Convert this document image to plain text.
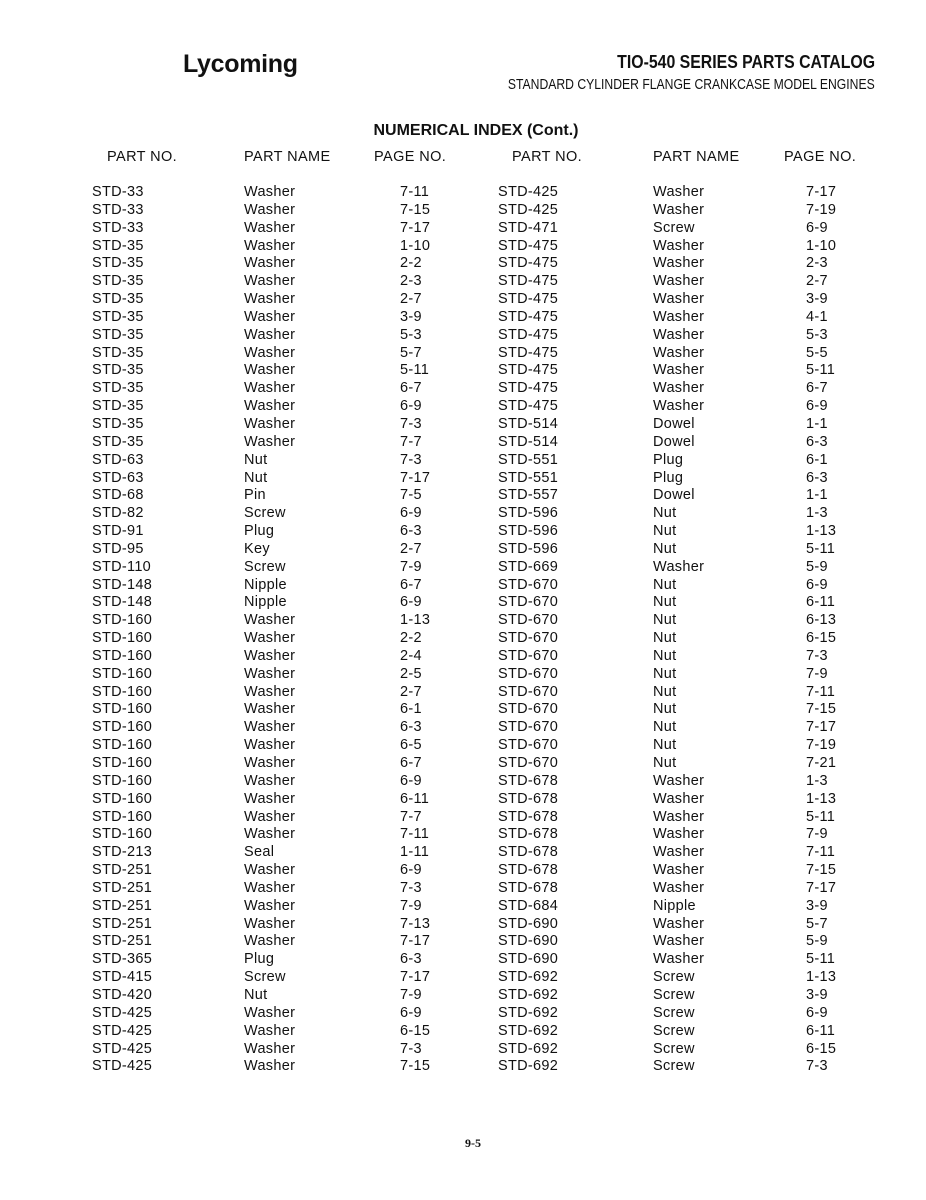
Lycoming	TIO-540 SERIES PARTS CATALOG
STANDARD CYLINDER FLANGE CRANKCASE MODEL ENGINES
NUMERICAL INDEX (Cont.)
PART NO.	PART NAME	PAGE NO.	PART NO.	PART NAME	PAGE NO.
STD-33	Washer	7-11	STD-425	Washer	7-17
STD-33	Washer	7-15	STD-425	Washer	7-19
STD-33	Washer	7-17	STD-471	Screw	6-9
STD-35	Washer	1-10	STD-475	Washer	1-10
STD-35	Washer	2-2	STD-475	Washer	2-3
STD-35	Washer	2-3	STD-475	Washer	2-7
STD-35	Washer	2-7	STD-475	Washer	3-9
STD-35	Washer	3-9	STD-475	Washer	4-1
STD-35	Washer	5-3	STD-475	Washer	5-3
STD-35	Washer	5-7	STD-475	Washer	5-5
STD-35	Washer	5-11	STD-475	Washer	5-11
STD-35	Washer	6-7	STD-475	Washer	6-7
STD-35	Washer	6-9	STD-475	Washer	6-9
STD-35	Washer	7-3	STD-514	Dowel	1-1
STD-35	Washer	7-7	STD-514	Dowel	6-3
STD-63	Nut	7-3	STD-551	Plug	6-1
STD-63	Nut	7-17	STD-551	Plug	6-3
STD-68	Pin	7-5	STD-557	Dowel	1-1
STD-82	Screw	6-9	STD-596	Nut	1-3
STD-91	Plug	6-3	STD-596	Nut	1-13
STD-95	Key	2-7	STD-596	Nut	5-11
STD-110	Screw	7-9	STD-669	Washer	5-9
STD-148	Nipple	6-7	STD-670	Nut	6-9
STD-148	Nipple	6-9	STD-670	Nut	6-11
STD-160	Washer	1-13	STD-670	Nut	6-13
STD-160	Washer	2-2	STD-670	Nut	6-15
STD-160	Washer	2-4	STD-670	Nut	7-3
STD-160	Washer	2-5	STD-670	Nut	7-9
STD-160	Washer	2-7	STD-670	Nut	7-11
STD-160	Washer	6-1	STD-670	Nut	7-15
STD-160	Washer	6-3	STD-670	Nut	7-17
STD-160	Washer	6-5	STD-670	Nut	7-19
STD-160	Washer	6-7	STD-670	Nut	7-21
STD-160	Washer	6-9	STD-678	Washer	1-3
STD-160	Washer	6-11	STD-678	Washer	1-13
STD-160	Washer	7-7	STD-678	Washer	5-11
STD-160	Washer	7-11	STD-678	Washer	7-9
STD-213	Seal	1-11	STD-678	Washer	7-11
STD-251	Washer	6-9	STD-678	Washer	7-15
STD-251	Washer	7-3	STD-678	Washer	7-17
STD-251	Washer	7-9	STD-684	Nipple	3-9
STD-251	Washer	7-13	STD-690	Washer	5-7
STD-251	Washer	7-17	STD-690	Washer	5-9
STD-365	Plug	6-3	STD-690	Washer	5-11
STD-415	Screw	7-17	STD-692	Screw	1-13
STD-420	Nut	7-9	STD-692	Screw	3-9
STD-425	Washer	6-9	STD-692	Screw	6-9
STD-425	Washer	6-15	STD-692	Screw	6-11
STD-425	Washer	7-3	STD-692	Screw	6-15
STD-425	Washer	7-15	STD-692	Screw	7-3
9-5
